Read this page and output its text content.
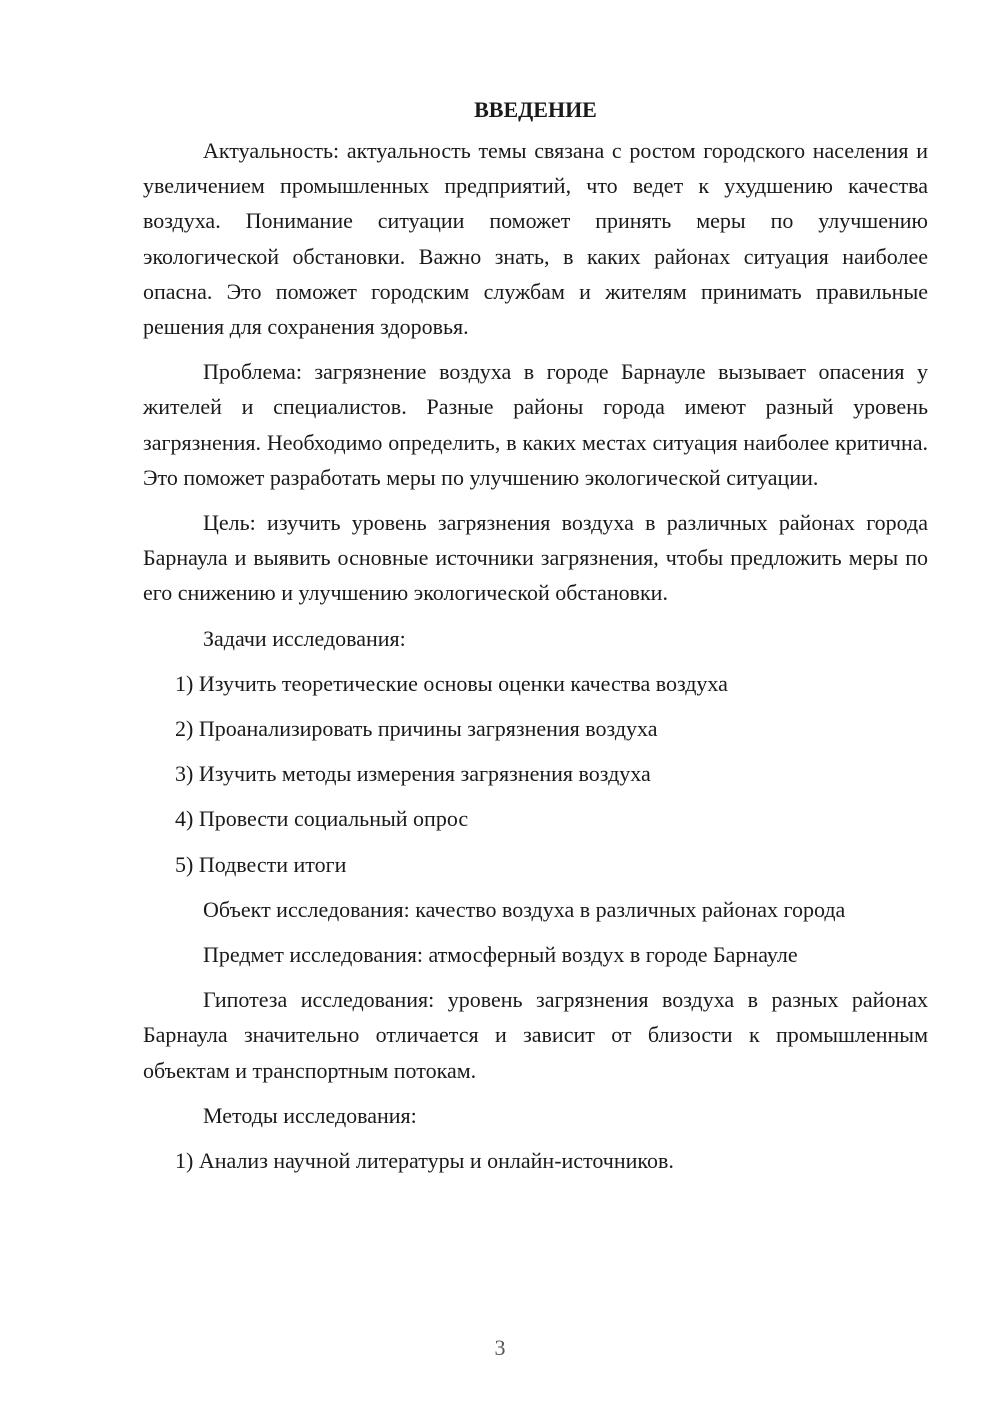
ВВЕДЕНИЕ

Актуальность: актуальность темы связана с ростом городского населения и увеличением промышленных предприятий, что ведет к ухудшению качества воздуха. Понимание ситуации поможет принять меры по улучшению экологической обстановки. Важно знать, в каких районах ситуация наиболее опасна. Это поможет городским службам и жителям принимать правильные решения для сохранения здоровья.

Проблема: загрязнение воздуха в городе Барнауле вызывает опасения у жителей и специалистов. Разные районы города имеют разный уровень загрязнения. Необходимо определить, в каких местах ситуация наиболее критична. Это поможет разработать меры по улучшению экологической ситуации.

Цель: изучить уровень загрязнения воздуха в различных районах города Барнаула и выявить основные источники загрязнения, чтобы предложить меры по его снижению и улучшению экологической обстановки.

Задачи исследования:

1) Изучить теоретические основы оценки качества воздуха

2) Проанализировать причины загрязнения воздуха

3) Изучить методы измерения загрязнения воздуха

4) Провести социальный опрос

5) Подвести итоги

Объект исследования: качество воздуха в различных районах города

Предмет исследования: атмосферный воздух в городе Барнауле

Гипотеза исследования: уровень загрязнения воздуха в разных районах Барнаула значительно отличается и зависит от близости к промышленным объектам и транспортным потокам.

Методы исследования:

1) Анализ научной литературы и онлайн-источников.

3
